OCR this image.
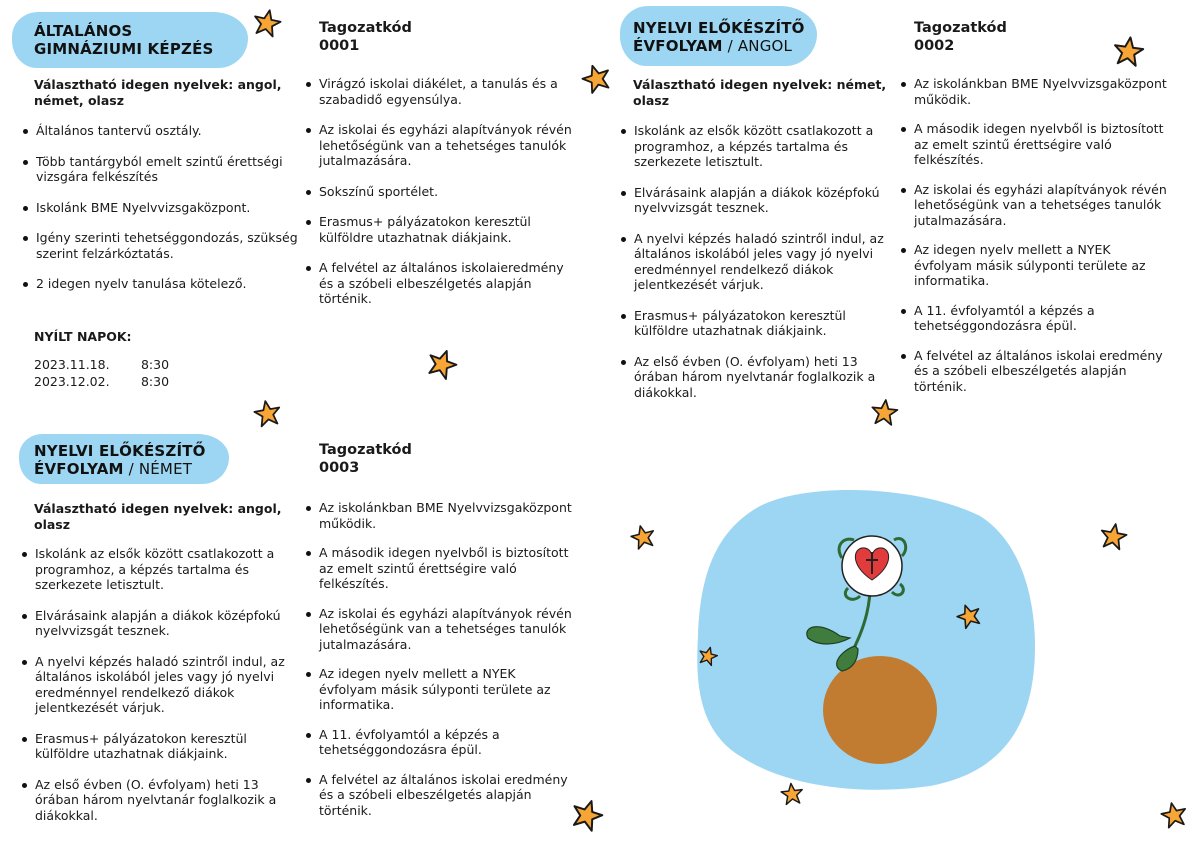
ÁLTALÁNOS GIMNÁZIUMI KÉPZÉS
Tagozatkód
0001
Választható idegen nyelvek: angol, német, olasz
Általános tantervű osztály.
Több tantárgyból emelt szintű érettségi vizsgára felkészítés
Iskolánk BME Nyelvvizsgaközpont.
Igény szerinti tehetséggondozás, szükség szerint felzárkóztatás.
2 idegen nyelv tanulása kötelező.
Virágzó iskolai diákélet, a tanulás és a szabadidő egyensúlya.
Az iskolai és egyházi alapítványok révén lehetőségünk van a tehetséges tanulók jutalmazására.
Sokszínű sportélet.
Erasmus+ pályázatokon keresztül külföldre utazhatnak diákjaink.
A felvétel az általános iskolaieredmény és a szóbeli elbeszélgetés alapján történik.
NYÍLT NAPOK:
2023.11.18.	8:30
2023.12.02.	8:30
NYELVI ELŐKÉSZÍTŐ
ÉVFOLYAM / ANGOL
Tagozatkód
0002
Választható idegen nyelvek: német, olasz
Iskolánk az elsők között csatlakozott a programhoz, a képzés tartalma és szerkezete letisztult.
Elvárásaink alapján a diákok középfokú nyelvvizsgát tesznek.
A nyelvi képzés haladó szintről indul, az általános iskolából jeles vagy jó nyelvi eredménnyel rendelkező diákok jelentkezését várjuk.
Erasmus+ pályázatokon keresztül külföldre utazhatnak diákjaink.
Az első évben (O. évfolyam) heti 13 órában három nyelvtanár foglalkozik a diákokkal.
Az iskolánkban BME Nyelvvizsgaközpont működik.
A második idegen nyelvből is biztosított az emelt szintű érettségire való felkészítés.
Az iskolai és egyházi alapítványok révén lehetőségünk van a tehetséges tanulók jutalmazására.
Az idegen nyelv mellett a NYEK évfolyam másik súlyponti területe az informatika.
A 11. évfolyamtól a képzés a tehetséggondozásra épül.
A felvétel az általános iskolai eredmény és a szóbeli elbeszélgetés alapján történik.
NYELVI ELŐKÉSZÍTŐ
ÉVFOLYAM / NÉMET
Tagozatkód
0003
Választható idegen nyelvek: angol, olasz
Iskolánk az elsők között csatlakozott a programhoz, a képzés tartalma és szerkezete letisztult.
Elvárásaink alapján a diákok középfokú nyelvvizsgát tesznek.
A nyelvi képzés haladó szintről indul, az általános iskolából jeles vagy jó nyelvi eredménnyel rendelkező diákok jelentkezését várjuk.
Erasmus+ pályázatokon keresztül külföldre utazhatnak diákjaink.
Az első évben (O. évfolyam) heti 13 órában három nyelvtanár foglalkozik a diákokkal.
Az iskolánkban BME Nyelvvizsgaközpont működik.
A második idegen nyelvből is biztosított az emelt szintű érettségire való felkészítés.
Az iskolai és egyházi alapítványok révén lehetőségünk van a tehetséges tanulók jutalmazására.
Az idegen nyelv mellett a NYEK évfolyam másik súlyponti területe az informatika.
A 11. évfolyamtól a képzés a tehetséggondozásra épül.
A felvétel az általános iskolai eredmény és a szóbeli elbeszélgetés alapján történik.
